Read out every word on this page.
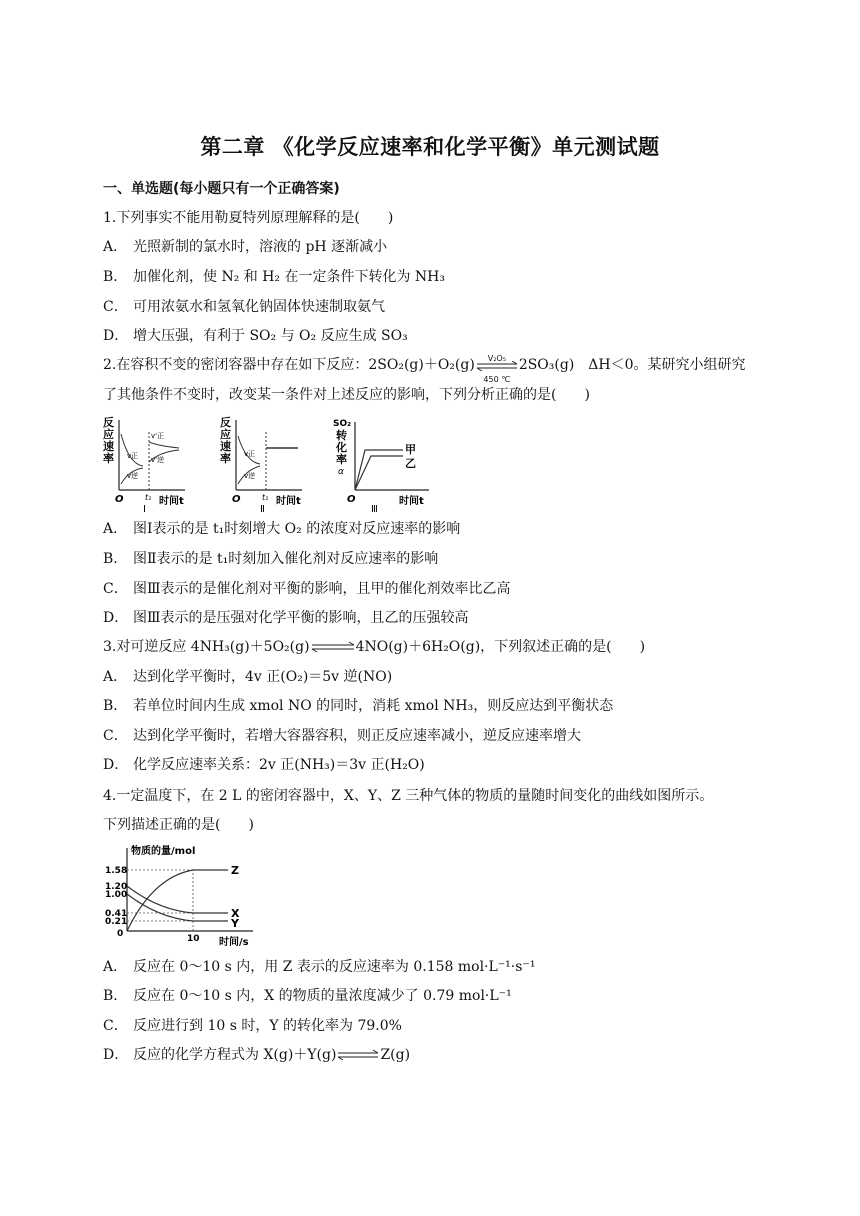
第二章 《化学反应速率和化学平衡》单元测试题
一、单选题(每小题只有一个正确答案)
1.下列事实不能用勒夏特列原理解释的是(　　)
A． 光照新制的氯水时，溶液的 pH 逐渐减小
B． 加催化剂，使 N₂ 和 H₂ 在一定条件下转化为 NH₃
C． 可用浓氨水和氢氧化钠固体快速制取氨气
D． 增大压强，有利于 SO₂ 与 O₂ 反应生成 SO₃
2.在容积不变的密闭容器中存在如下反应：2SO₂(g)＋O₂(g)	V₂O₅
450 ℃
2SO₃(g)　ΔH＜0。某研究小组研究
了其他条件不变时，改变某一条件对上述反应的影响，下列分析正确的是(　　)
反
应
速
率 v正
v逆
v'正
v'逆
O	t₁ 时间t
Ⅰ
反
应
速
率 v正
v逆
O	t₁ 时间t
Ⅱ
SO₂
转
化
率
α
甲
乙
O	时间t
Ⅲ
A． 图Ⅰ表示的是 t₁时刻增大 O₂ 的浓度对反应速率的影响
B． 图Ⅱ表示的是 t₁时刻加入催化剂对反应速率的影响
C． 图Ⅲ表示的是催化剂对平衡的影响，且甲的催化剂效率比乙高
D． 图Ⅲ表示的是压强对化学平衡的影响，且乙的压强较高
3.对可逆反应 4NH₃(g)＋5O₂(g)⇌4NO(g)＋6H₂O(g)，下列叙述正确的是(　　)
A． 达到化学平衡时，4v 正(O₂)＝5v 逆(NO)
B． 若单位时间内生成 xmol NO 的同时，消耗 xmol NH₃，则反应达到平衡状态
C． 达到化学平衡时，若增大容器容积，则正反应速率减小，逆反应速率增大
D． 化学反应速率关系：2v 正(NH₃)＝3v 正(H₂O)
4.一定温度下，在 2 L 的密闭容器中，X、Y、Z 三种气体的物质的量随时间变化的曲线如图所示。
下列描述正确的是(　　)
物质的量/mol
1.58
1.20
1.00
0.41
0.21
0
Z
X
Y
10 时间/s
A． 反应在 0～10 s 内，用 Z 表示的反应速率为 0.158 mol·L⁻¹·s⁻¹
B． 反应在 0～10 s 内，X 的物质的量浓度减少了 0.79 mol·L⁻¹
C． 反应进行到 10 s 时，Y 的转化率为 79.0%
D． 反应的化学方程式为 X(g)＋Y(g)⇌Z(g)
